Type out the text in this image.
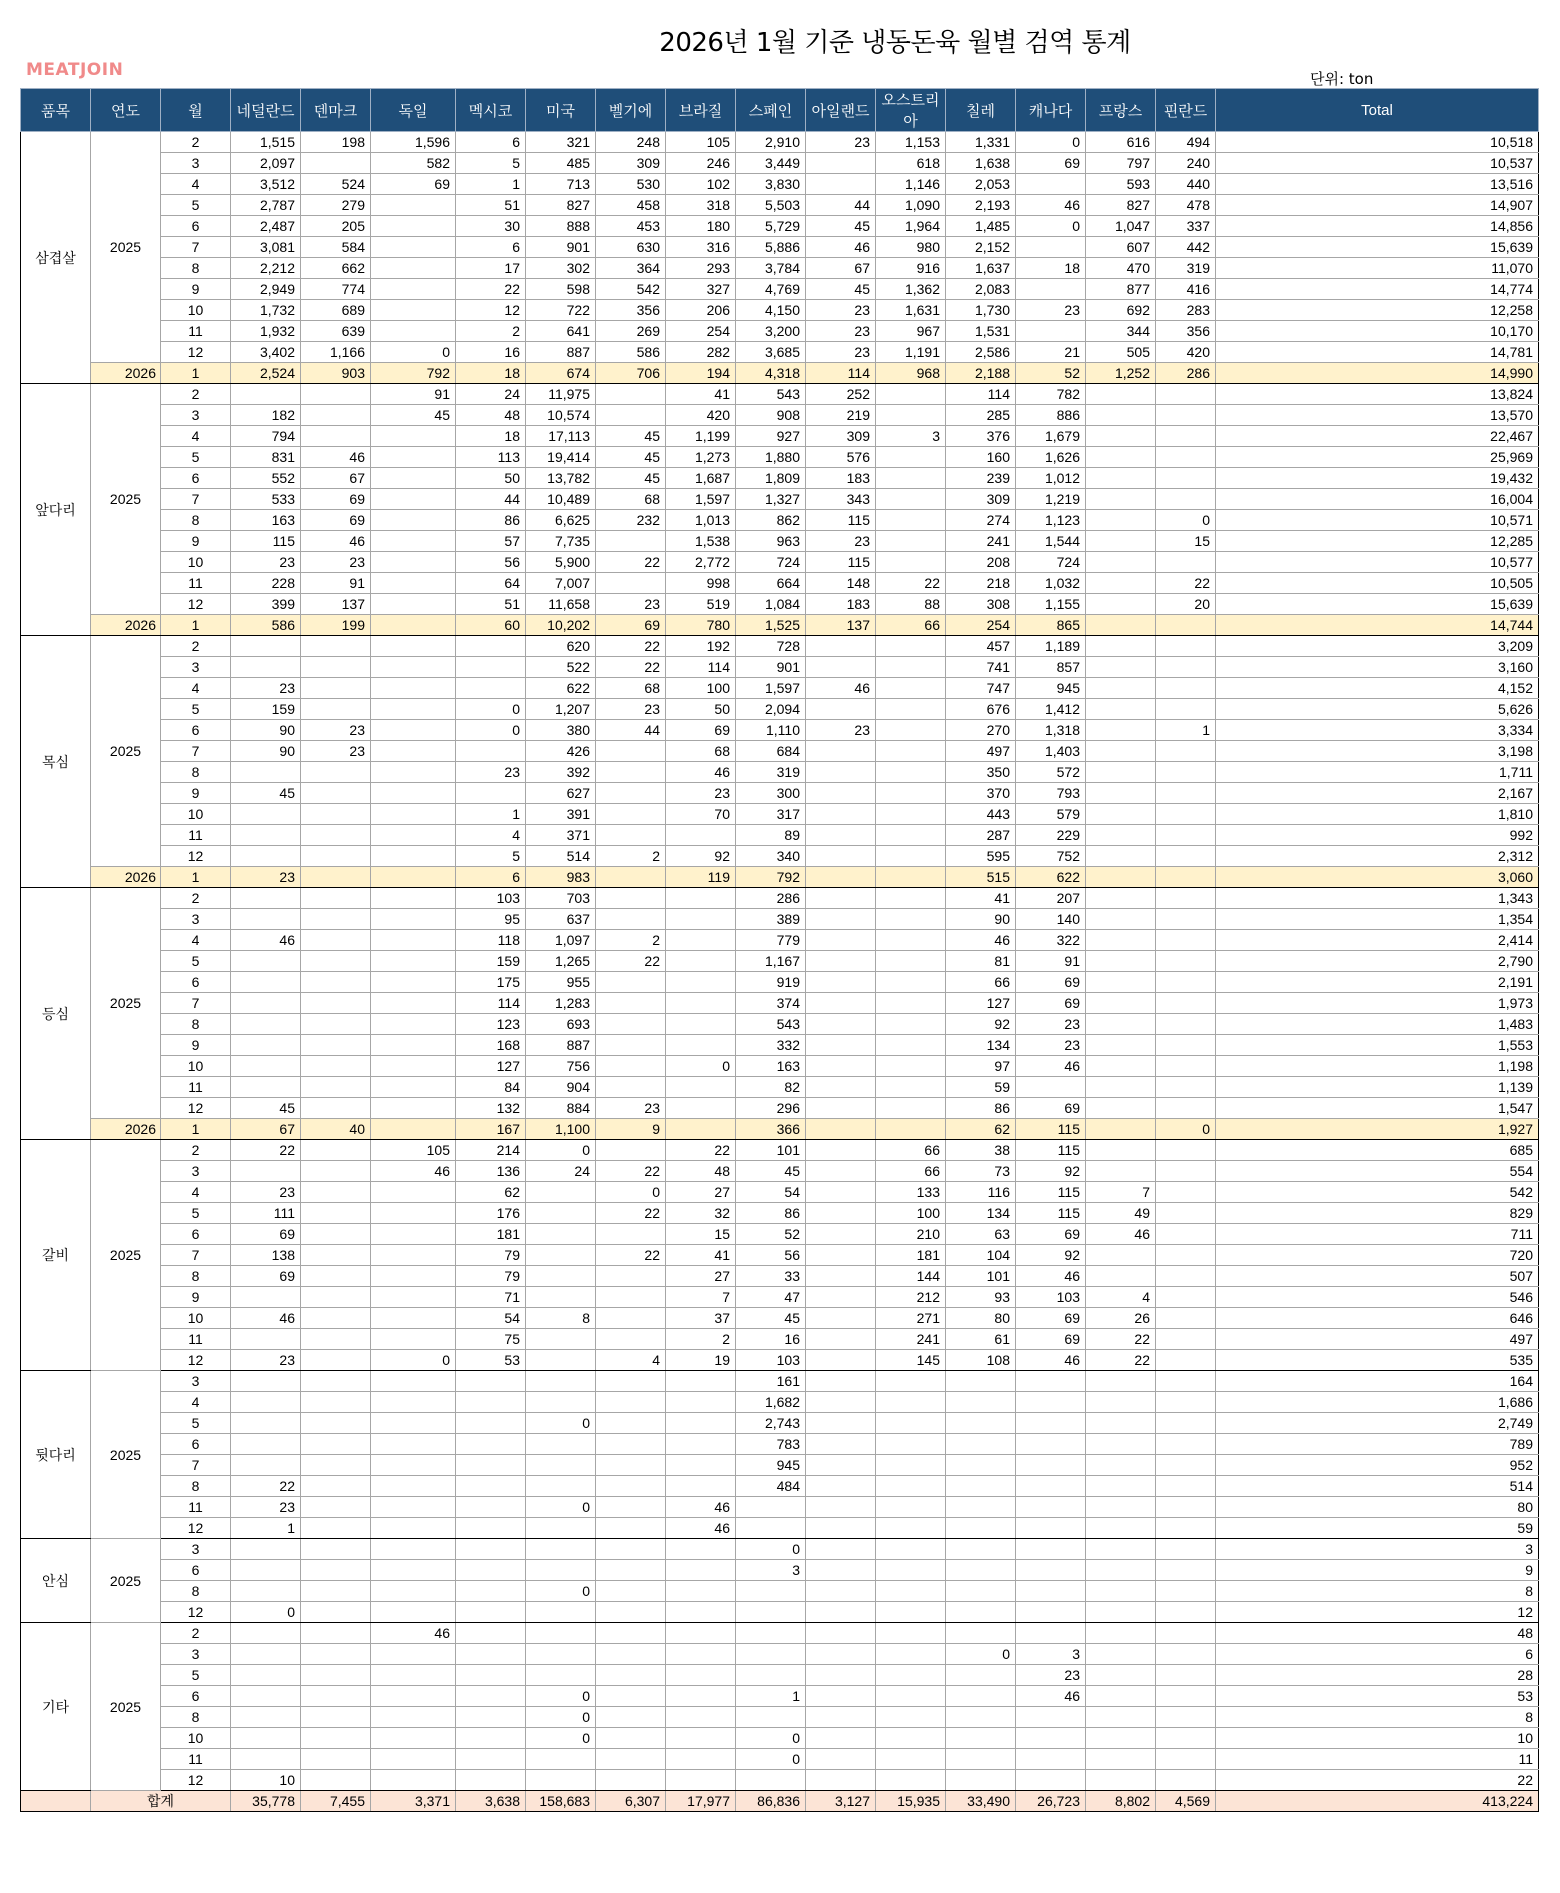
2026년 1월 기준 냉동돈육 월별 검역 통계
MEATJOIN	단위: ton
품목	연도	월	네덜란드	덴마크	독일	멕시코	미국	벨기에	브라질	스페인	아일랜드	오스트리아	칠레	캐나다	프랑스	핀란드	Total
삼겹살	2025	2	1,515	198	1,596	6	321	248	105	2,910	23	1,153	1,331	0	616	494	10,518
		3	2,097		582	5	485	309	246	3,449		618	1,638	69	797	240	10,537
		4	3,512	524	69	1	713	530	102	3,830		1,146	2,053		593	440	13,516
		5	2,787	279		51	827	458	318	5,503	44	1,090	2,193	46	827	478	14,907
		6	2,487	205		30	888	453	180	5,729	45	1,964	1,485	0	1,047	337	14,856
		7	3,081	584		6	901	630	316	5,886	46	980	2,152		607	442	15,639
		8	2,212	662		17	302	364	293	3,784	67	916	1,637	18	470	319	11,070
		9	2,949	774		22	598	542	327	4,769	45	1,362	2,083		877	416	14,774
		10	1,732	689		12	722	356	206	4,150	23	1,631	1,730	23	692	283	12,258
		11	1,932	639		2	641	269	254	3,200	23	967	1,531		344	356	10,170
		12	3,402	1,166	0	16	887	586	282	3,685	23	1,191	2,586	21	505	420	14,781
	2026	1	2,524	903	792	18	674	706	194	4,318	114	968	2,188	52	1,252	286	14,990
앞다리	2025	2			91	24	11,975		41	543	252		114	782			13,824
		3	182		45	48	10,574		420	908	219		285	886			13,570
		4	794			18	17,113	45	1,199	927	309	3	376	1,679			22,467
		5	831	46		113	19,414	45	1,273	1,880	576		160	1,626			25,969
		6	552	67		50	13,782	45	1,687	1,809	183		239	1,012			19,432
		7	533	69		44	10,489	68	1,597	1,327	343		309	1,219			16,004
		8	163	69		86	6,625	232	1,013	862	115		274	1,123		0	10,571
		9	115	46		57	7,735		1,538	963	23		241	1,544		15	12,285
		10	23	23		56	5,900	22	2,772	724	115		208	724			10,577
		11	228	91		64	7,007		998	664	148	22	218	1,032		22	10,505
		12	399	137		51	11,658	23	519	1,084	183	88	308	1,155		20	15,639
	2026	1	586	199		60	10,202	69	780	1,525	137	66	254	865			14,744
목심	2025	2					620	22	192	728			457	1,189			3,209
		3					522	22	114	901			741	857			3,160
		4	23				622	68	100	1,597	46		747	945			4,152
		5	159			0	1,207	23	50	2,094			676	1,412			5,626
		6	90	23		0	380	44	69	1,110	23		270	1,318		1	3,334
		7	90	23			426		68	684			497	1,403			3,198
		8				23	392		46	319			350	572			1,711
		9	45				627		23	300			370	793			2,167
		10				1	391		70	317			443	579			1,810
		11				4	371			89			287	229			992
		12				5	514	2	92	340			595	752			2,312
	2026	1	23			6	983		119	792			515	622			3,060
등심	2025	2				103	703			286			41	207			1,343
		3				95	637			389			90	140			1,354
		4	46			118	1,097	2		779			46	322			2,414
		5				159	1,265	22		1,167			81	91			2,790
		6				175	955			919			66	69			2,191
		7				114	1,283			374			127	69			1,973
		8				123	693			543			92	23			1,483
		9				168	887			332			134	23			1,553
		10				127	756		0	163			97	46			1,198
		11				84	904			82			59				1,139
		12	45			132	884	23		296			86	69			1,547
	2026	1	67	40		167	1,100	9		366			62	115		0	1,927
갈비	2025	2	22		105	214	0		22	101		66	38	115			685
		3			46	136	24	22	48	45		66	73	92			554
		4	23			62		0	27	54		133	116	115	7		542
		5	111			176		22	32	86		100	134	115	49		829
		6	69			181			15	52		210	63	69	46		711
		7	138			79		22	41	56		181	104	92			720
		8	69			79			27	33		144	101	46			507
		9				71			7	47		212	93	103	4		546
		10	46			54	8		37	45		271	80	69	26		646
		11				75			2	16		241	61	69	22		497
		12	23		0	53		4	19	103		145	108	46	22		535
뒷다리	2025	3								161							164
		4								1,682							1,686
		5					0			2,743							2,749
		6								783							789
		7								945							952
		8	22							484							514
		11	23				0		46								80
		12	1						46								59
안심	2025	3								0							3
		6								3							9
		8					0										8
		12	0														12
기타	2025	2			46												48
		3											0	3			6
		5												23			28
		6					0			1				46			53
		8					0										8
		10					0			0							10
		11								0							11
		12	10														22
	합계		35,778	7,455	3,371	3,638	158,683	6,307	17,977	86,836	3,127	15,935	33,490	26,723	8,802	4,569	413,224
